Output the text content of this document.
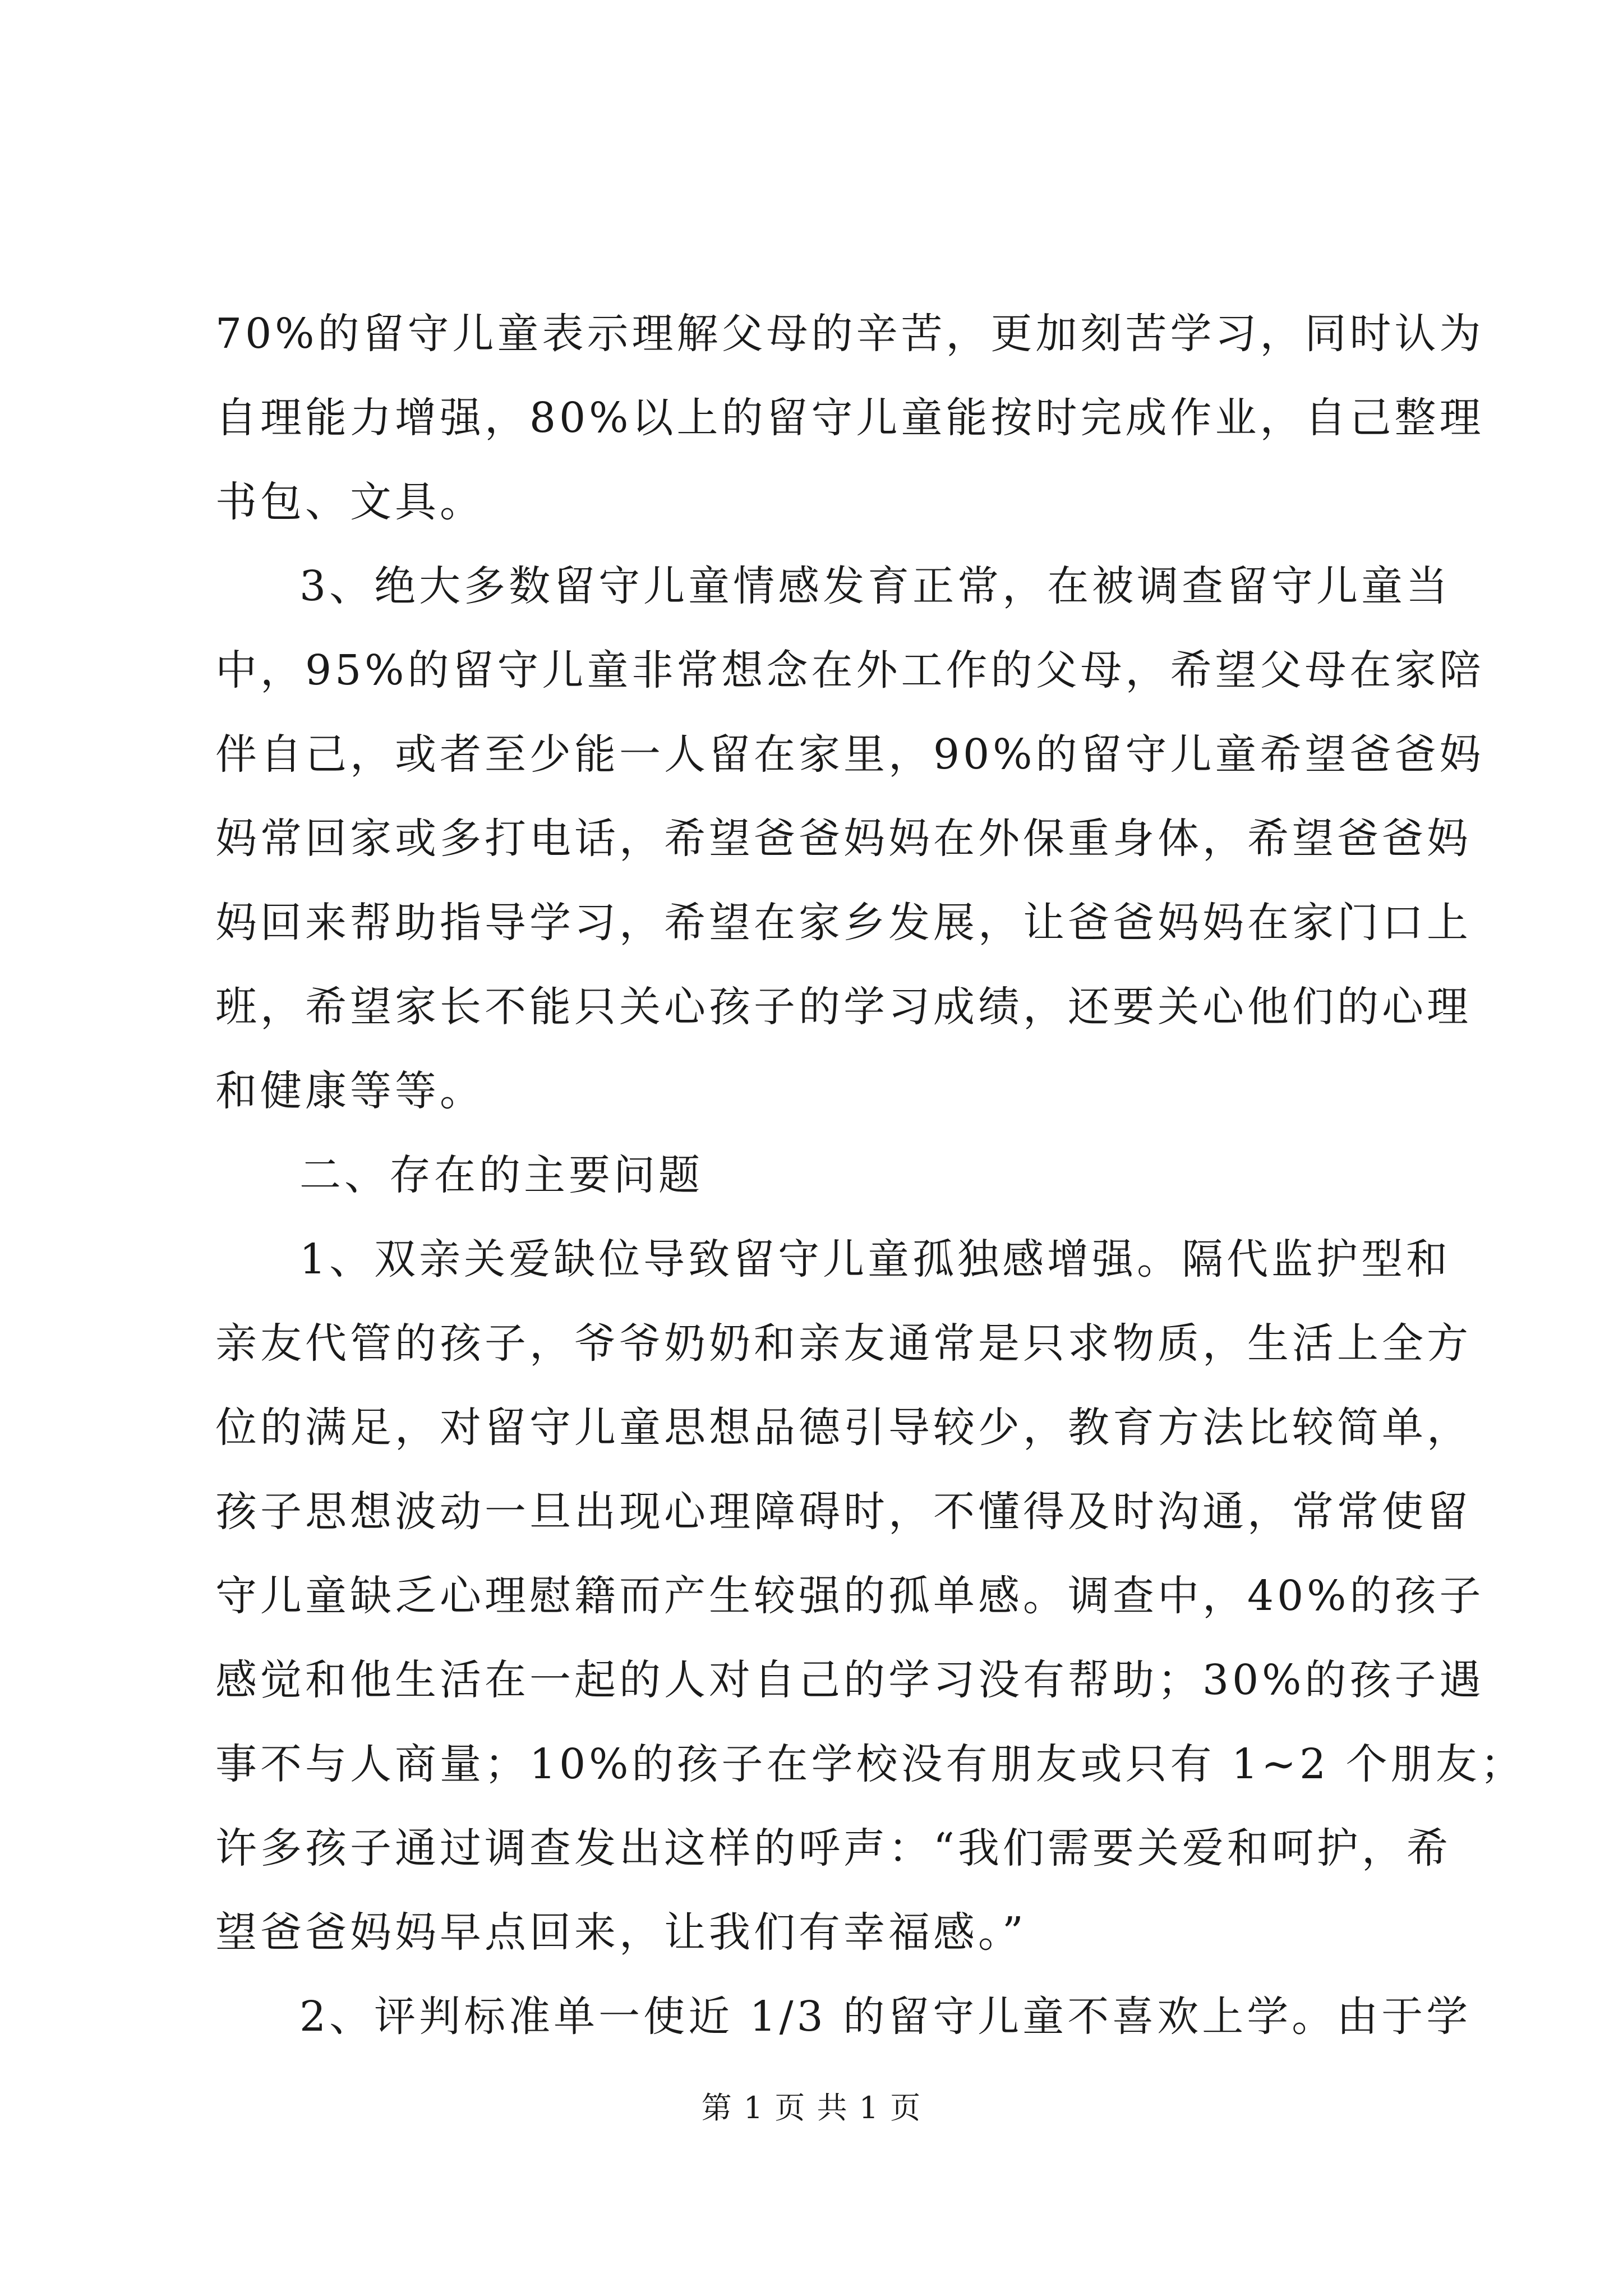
70%的留守儿童表示理解父母的辛苦，更加刻苦学习，同时认为
自理能力增强，80%以上的留守儿童能按时完成作业，自己整理
书包、文具。
3、绝大多数留守儿童情感发育正常，在被调查留守儿童当
中，95%的留守儿童非常想念在外工作的父母，希望父母在家陪
伴自己，或者至少能一人留在家里，90%的留守儿童希望爸爸妈
妈常回家或多打电话，希望爸爸妈妈在外保重身体，希望爸爸妈
妈回来帮助指导学习，希望在家乡发展，让爸爸妈妈在家门口上
班，希望家长不能只关心孩子的学习成绩，还要关心他们的心理
和健康等等。
二、存在的主要问题
1、双亲关爱缺位导致留守儿童孤独感增强。隔代监护型和
亲友代管的孩子，爷爷奶奶和亲友通常是只求物质，生活上全方
位的满足，对留守儿童思想品德引导较少，教育方法比较简单，
孩子思想波动一旦出现心理障碍时，不懂得及时沟通，常常使留
守儿童缺乏心理慰籍而产生较强的孤单感。调查中，40%的孩子
感觉和他生活在一起的人对自己的学习没有帮助；30%的孩子遇
事不与人商量；10%的孩子在学校没有朋友或只有 1~2 个朋友；
许多孩子通过调查发出这样的呼声：“我们需要关爱和呵护，希
望爸爸妈妈早点回来，让我们有幸福感。”
2、评判标准单一使近 1/3 的留守儿童不喜欢上学。由于学
第 1 页 共 1 页
